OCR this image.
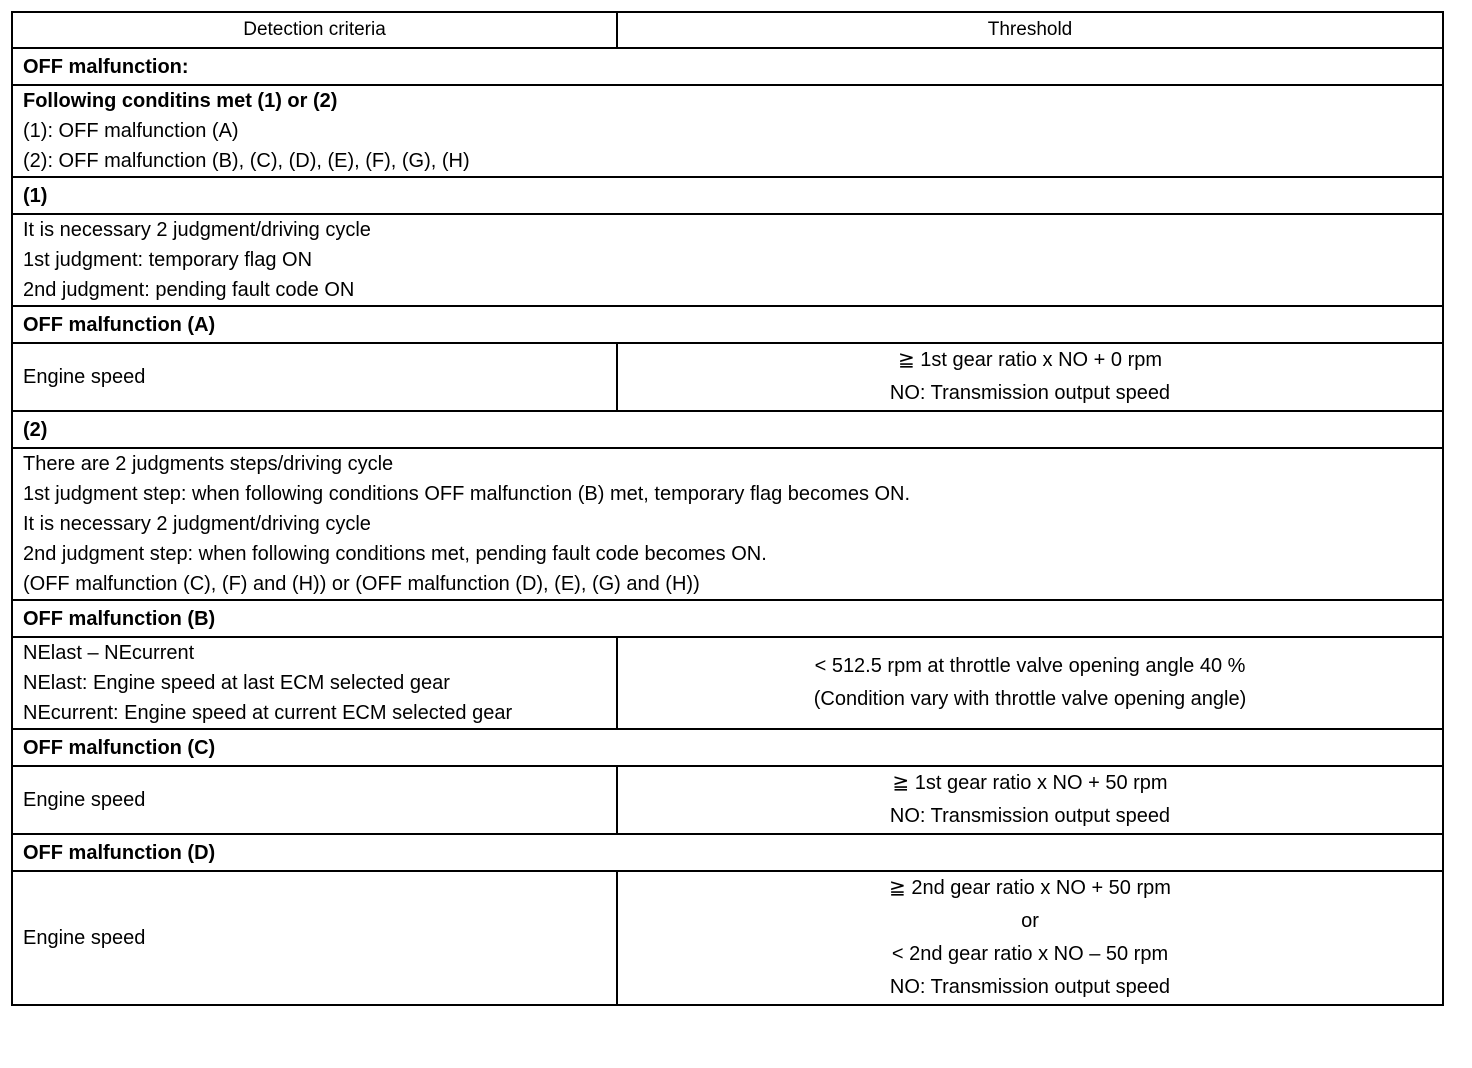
Detection criteria	Threshold
OFF malfunction:	

Following conditins met (1) or (2)
(1): OFF malfunction (A)
(2): OFF malfunction (B), (C), (D), (E), (F), (G), (H)	

(1)	

It is necessary 2 judgment/driving cycle
1st judgment: temporary flag ON
2nd judgment: pending fault code ON	

OFF malfunction (A)	
Engine speed	≧ 1st gear ratio x NO + 0 rpm
NO: Transmission output speed

(2)	

There are 2 judgments steps/driving cycle
1st judgment step: when following conditions OFF malfunction (B) met, temporary flag becomes ON.
It is necessary 2 judgment/driving cycle
2nd judgment step: when following conditions met, pending fault code becomes ON.
(OFF malfunction (C), (F) and (H)) or (OFF malfunction (D), (E), (G) and (H))	

OFF malfunction (B)	

NElast – NEcurrent
NElast: Engine speed at last ECM selected gear
NEcurrent: Engine speed at current ECM selected gear	< 512.5 rpm at throttle valve opening angle 40 %
(Condition vary with throttle valve opening angle)

OFF malfunction (C)	
Engine speed	≧ 1st gear ratio x NO + 50 rpm
NO: Transmission output speed

OFF malfunction (D)	
Engine speed	≧ 2nd gear ratio x NO + 50 rpm
or
< 2nd gear ratio x NO – 50 rpm
NO: Transmission output speed
